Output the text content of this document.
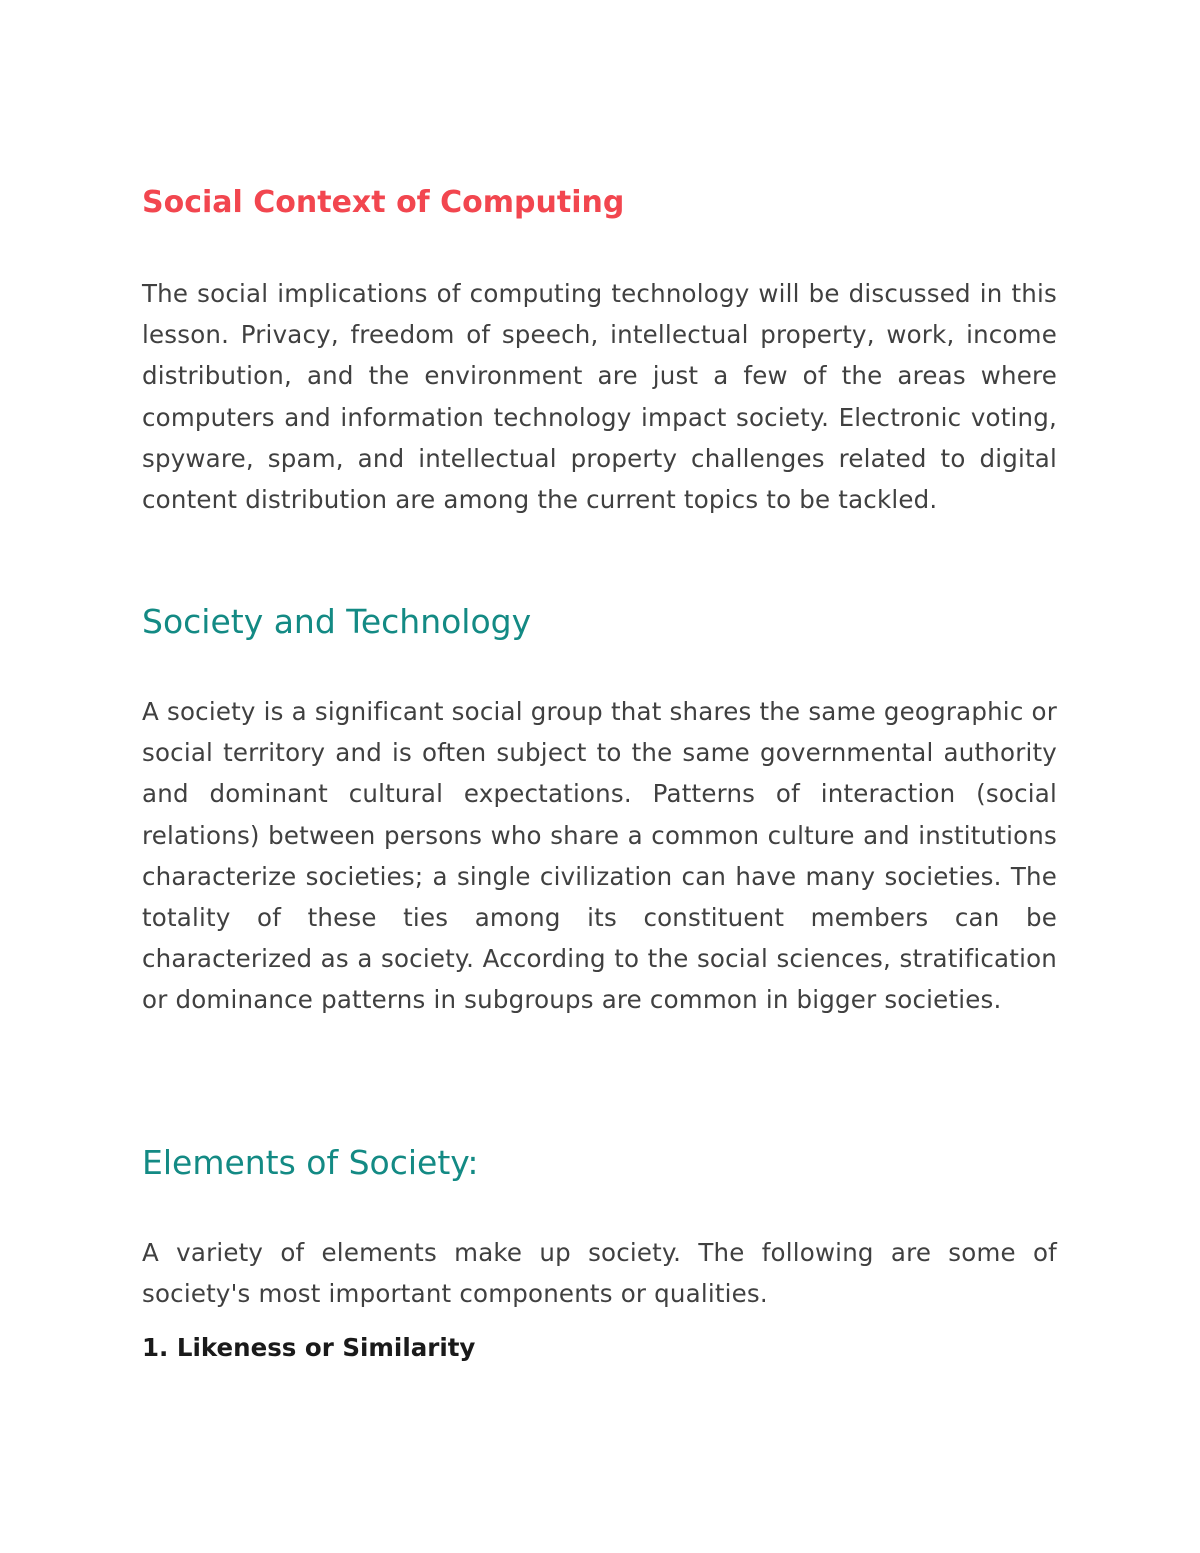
Social Context of Computing

The social implications of computing technology will be discussed in this lesson. Privacy, freedom of speech, intellectual property, work, income distribution, and the environment are just a few of the areas where computers and information technology impact society. Electronic voting, spyware, spam, and intellectual property challenges related to digital content distribution are among the current topics to be tackled.

Society and Technology

A society is a significant social group that shares the same geographic or social territory and is often subject to the same governmental authority and dominant cultural expectations. Patterns of interaction (social relations) between persons who share a common culture and institutions characterize societies; a single civilization can have many societies. The totality of these ties among its constituent members can be characterized as a society. According to the social sciences, stratification or dominance patterns in subgroups are common in bigger societies.

Elements of Society:

A variety of elements make up society. The following are some of society's most important components or qualities.

1. Likeness or Similarity
